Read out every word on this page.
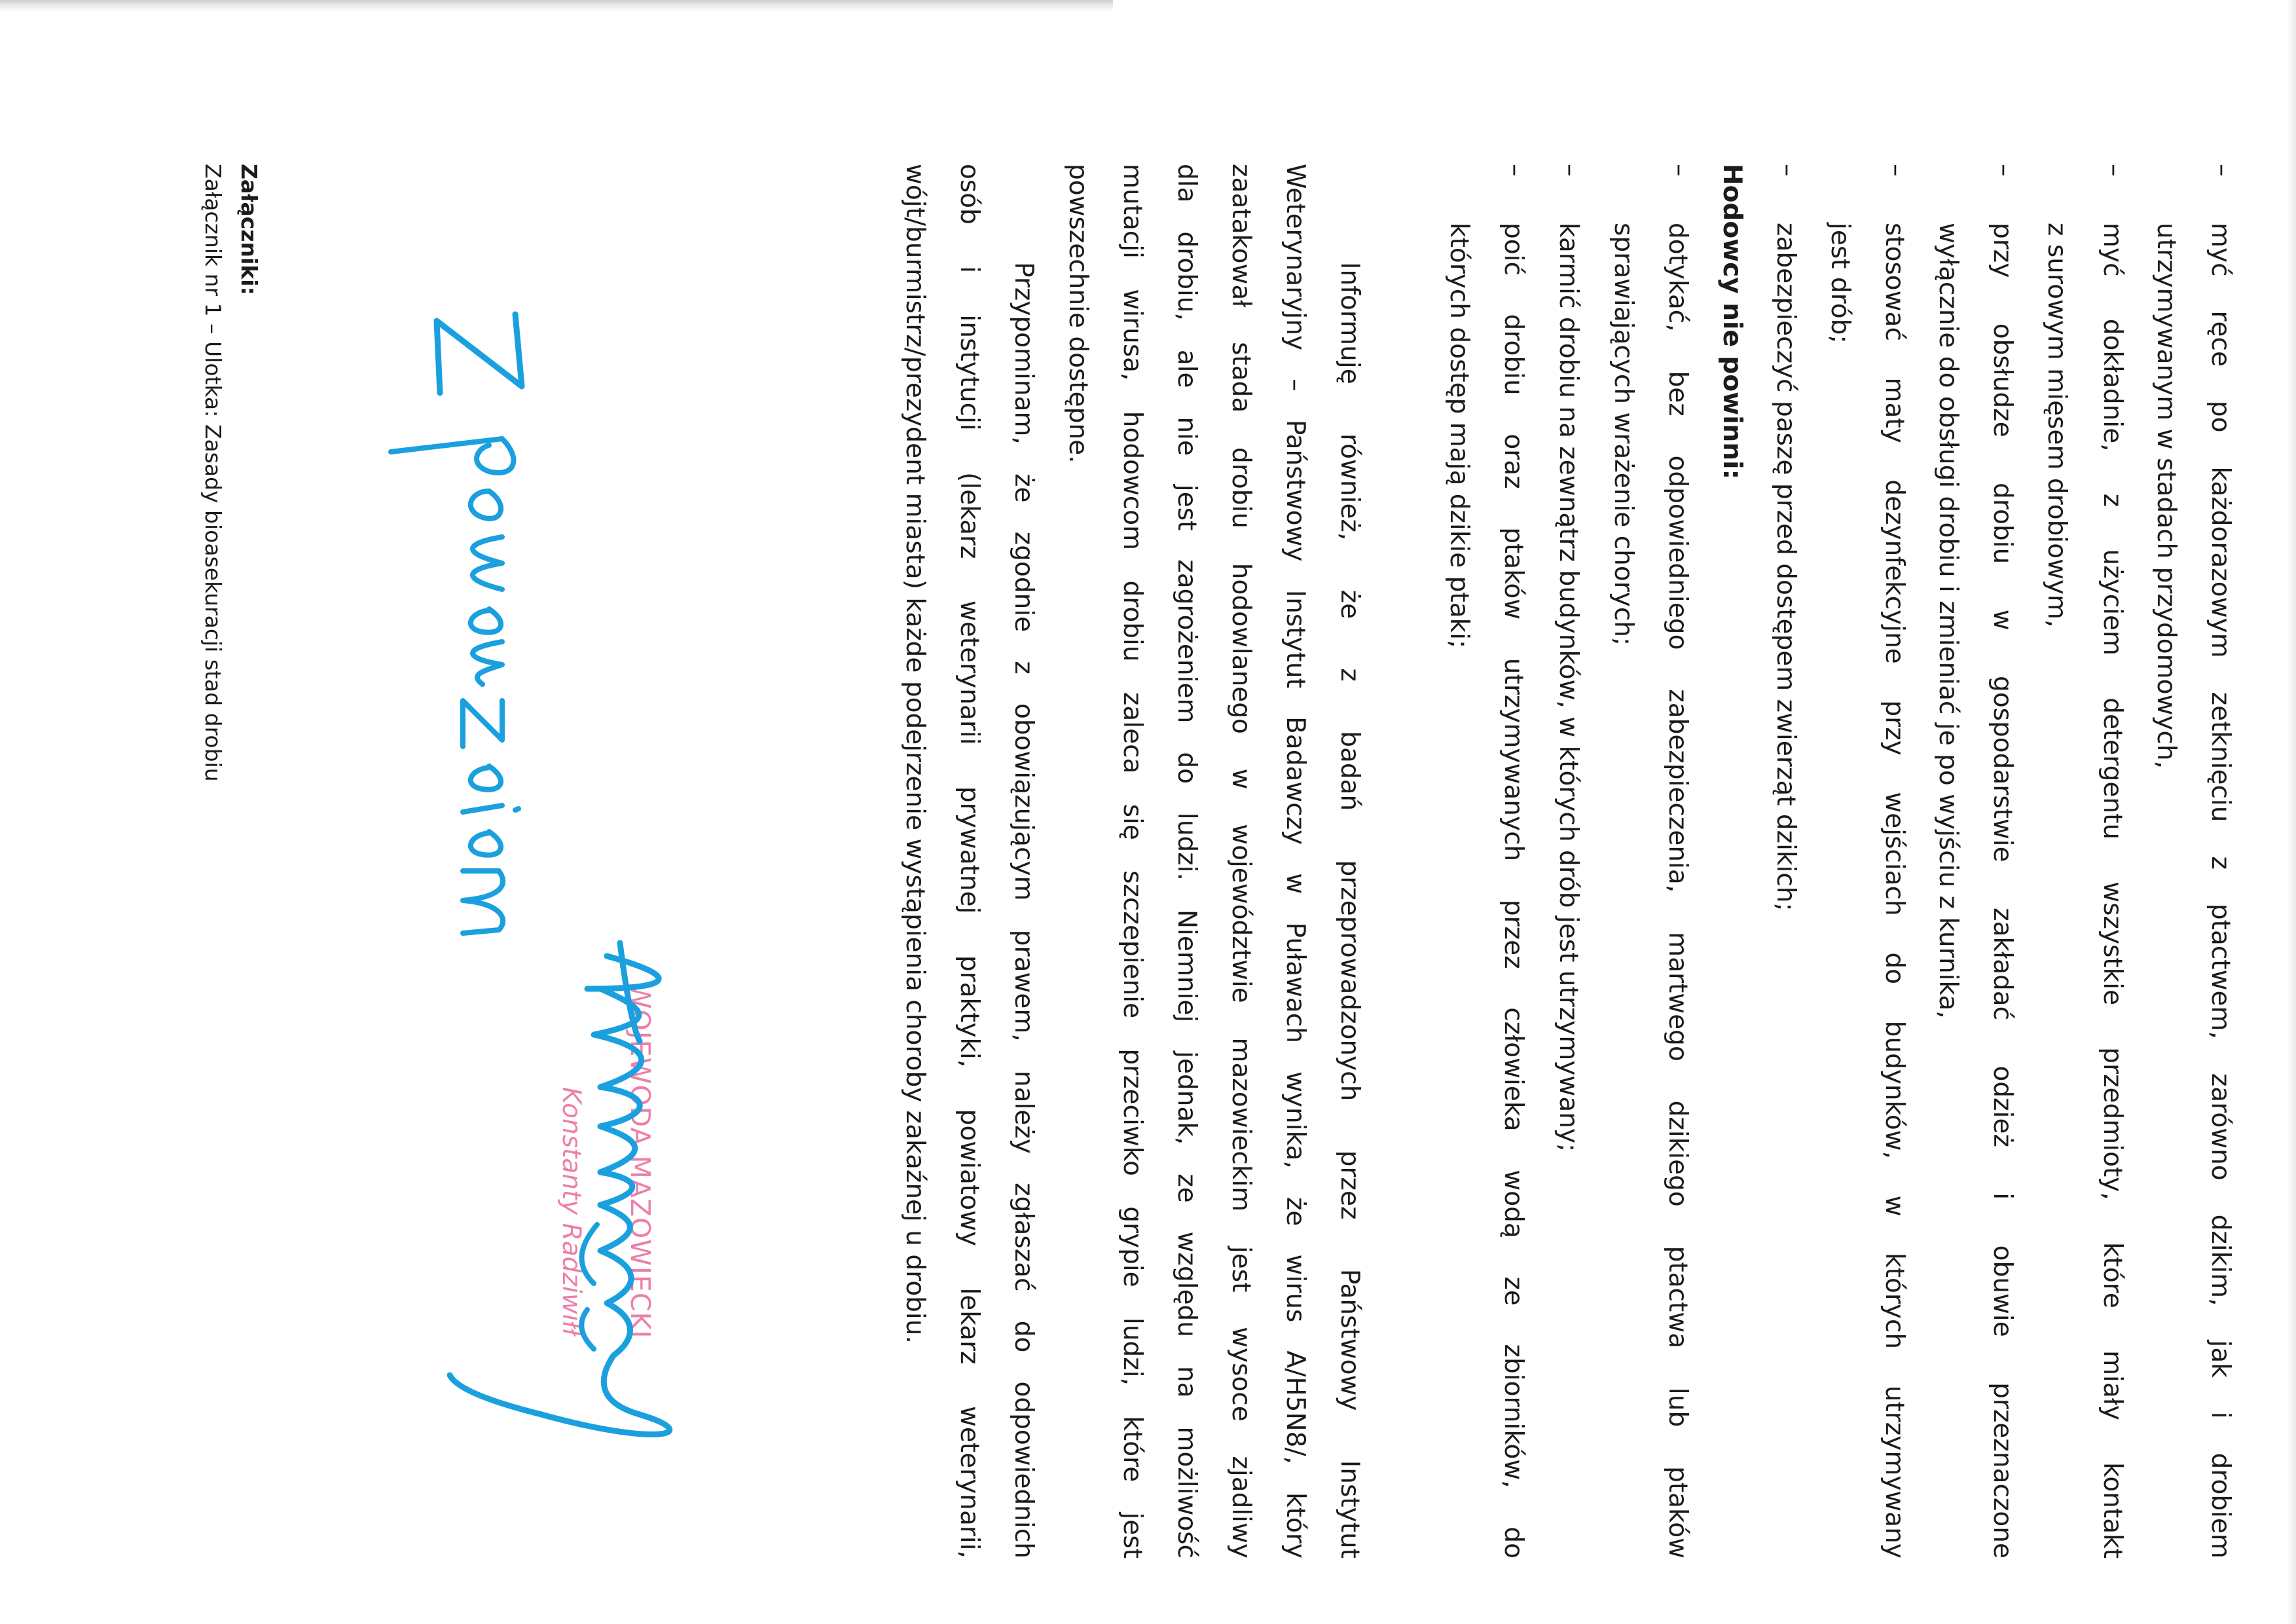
–
myć ręce po każdorazowym zetknięciu z ptactwem, zarówno dzikim, jak i drobiem
utrzymywanym w stadach przydomowych,
–
myć dokładnie, z użyciem detergentu wszystkie przedmioty, które miały kontakt
z surowym mięsem drobiowym,
–
przy obsłudze drobiu w gospodarstwie zakładać odzież i obuwie przeznaczone
wyłącznie do obsługi drobiu i zmieniać je po wyjściu z kurnika,
–
stosować maty dezynfekcyjne przy wejściach do budynków, w których utrzymywany
jest drób;
–
zabezpieczyć paszę przed dostępem zwierząt dzikich;
Hodowcy nie powinni:
–
dotykać, bez odpowiedniego zabezpieczenia, martwego dzikiego ptactwa lub ptaków
sprawiających wrażenie chorych;
–
karmić drobiu na zewnątrz budynków, w których drób jest utrzymywany;
–
poić drobiu oraz ptaków utrzymywanych przez człowieka wodą ze zbiorników, do
których dostęp mają dzikie ptaki;
Informuję również, że z badań przeprowadzonych przez Państwowy Instytut
Weterynaryjny – Państwowy Instytut Badawczy w Puławach wynika, że wirus A/H5N8/, który
zaatakował stada drobiu hodowlanego w województwie mazowieckim jest wysoce zjadliwy
dla drobiu, ale nie jest zagrożeniem do ludzi. Niemniej jednak, ze względu na możliwość
mutacji wirusa, hodowcom drobiu zaleca się szczepienie przeciwko grypie ludzi, które jest
powszechnie dostępne.
Przypominam, że zgodnie z obowiązującym prawem, należy zgłaszać do odpowiednich
osób i instytucji (lekarz weterynarii prywatnej praktyki, powiatowy lekarz weterynarii,
wójt/burmistrz/prezydent miasta) każde podejrzenie wystąpienia choroby zakaźnej u drobiu.
WOJEWODA MAZOWIECKI
Konstanty Radziwiłł
Załączniki:
Załącznik nr 1 – Ulotka: Zasady bioasekuracji stad drobiu
